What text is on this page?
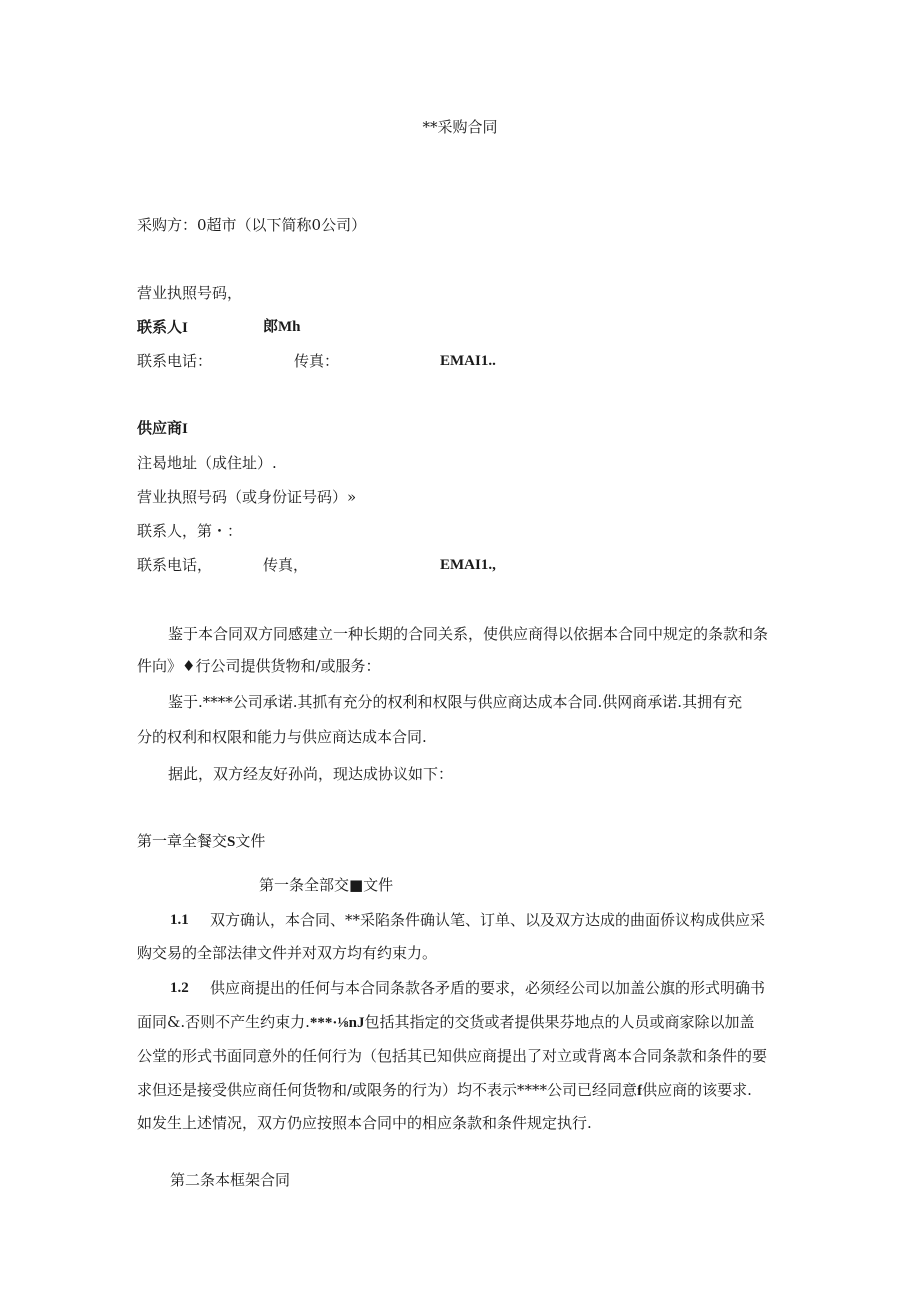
**采购合同
采购方：0超市（以下简称0公司）
营业执照号码，
联系人I	郎Mh
联系电话：	传真：	EMAI1..
供应商I
注曷地址（成住址）.
营业执照号码（或身份证号码）»
联系人，第・：
联系电话，	传真，	EMAI1.,
鉴于本合同双方同感建立一种长期的合同关系，使供应商得以依据本合同中规定的条款和条
件向》♦行公司提供货物和/或服务：
鉴于.****公司承诺.其抓有充分的权利和权限与供应商达成本合同.供网商承诺.其拥有充
分的权利和权限和能力与供应商达成本合同.
据此，双方经友好孙尚，现达成协议如下：
第一章全餐交S文件
第一条全部交■文件
1.1 双方确认，本合同、**采陷条件确认笔、订单、以及双方达成的曲面侨议构成供应采
购交易的全部法律文件并对双方均有约束力。
1.2 供应商提出的任何与本合同条款各矛盾的要求，必须经公司以加盖公旗的形式明确书
面同&.否则不产生约束力.***·⅛nJ包括其指定的交货或者提供果芬地点的人员或商家除以加盖
公堂的形式书面同意外的任何行为（包括其已知供应商提出了对立或背离本合同条款和条件的要
求但还是接受供应商任何货物和/或限务的行为）均不表示****公司已经同意f供应商的该要求.
如发生上述情况，双方仍应按照本合同中的相应条款和条件规定执行.
第二条本框架合同
